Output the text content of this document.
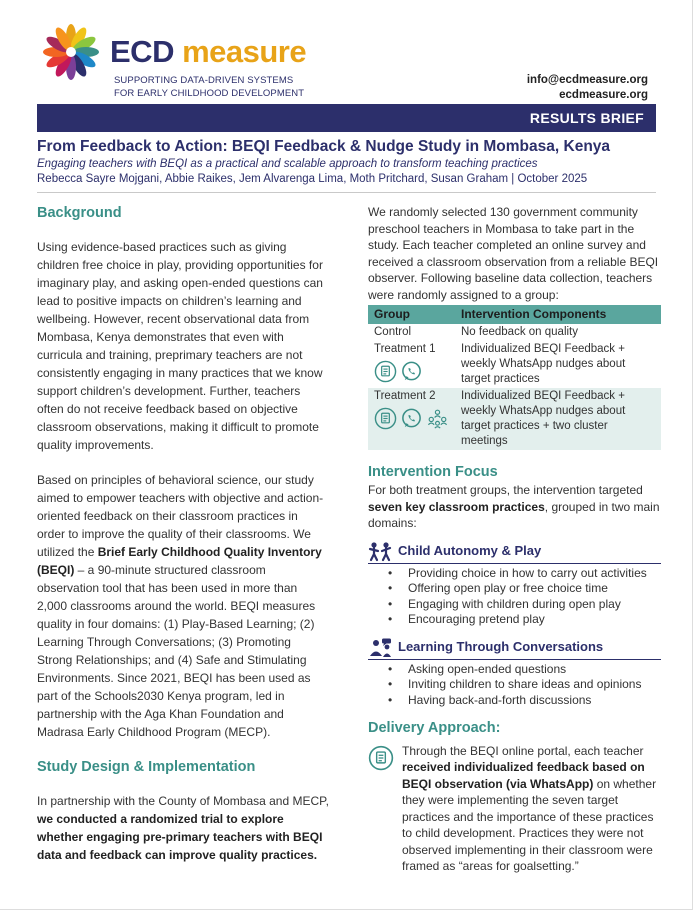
ECD measure
SUPPORTING DATA-DRIVEN SYSTEMS
FOR EARLY CHILDHOOD DEVELOPMENT
info@ecdmeasure.org
ecdmeasure.org
RESULTS BRIEF
From Feedback to Action: BEQI Feedback & Nudge Study in Mombasa, Kenya
Engaging teachers with BEQI as a practical and scalable approach to transform teaching practices
Rebecca Sayre Mojgani, Abbie Raikes, Jem Alvarenga Lima, Moth Pritchard, Susan Graham | October 2025
Background

Using evidence-based practices such as giving children free choice in play, providing opportunities for imaginary play, and asking open-ended questions can lead to positive impacts on children’s learning and wellbeing. However, recent observational data from Mombasa, Kenya demonstrates that even with curricula and training, preprimary teachers are not consistently engaging in many practices that we know support children’s development. Further, teachers often do not receive feedback based on objective classroom observations, making it difficult to promote quality improvements.

Based on principles of behavioral science, our study aimed to empower teachers with objective and action-oriented feedback on their classroom practices in order to improve the quality of their classrooms. We utilized the Brief Early Childhood Quality Inventory (BEQI) – a 90-minute structured classroom observation tool that has been used in more than 2,000 classrooms around the world. BEQI measures quality in four domains: (1) Play-Based Learning; (2) Learning Through Conversations; (3) Promoting Strong Relationships; and (4) Safe and Stimulating Environments. Since 2021, BEQI has been used as part of the Schools2030 Kenya program, led in partnership with the Aga Khan Foundation and Madrasa Early Childhood Program (MECP).

Study Design & Implementation

In partnership with the County of Mombasa and MECP, we conducted a randomized trial to explore whether engaging pre-primary teachers with BEQI data and feedback can improve quality practices.

We randomly selected 130 government community preschool teachers in Mombasa to take part in the study. Each teacher completed an online survey and received a classroom observation from a reliable BEQI observer. Following baseline data collection, teachers were randomly assigned to a group:

Group	Intervention Components
Control	No feedback on quality

Treatment 1	Individualized BEQI Feedback + weekly WhatsApp nudges about target practices

Treatment 2	Individualized BEQI Feedback + weekly WhatsApp nudges about target practices + two cluster meetings
Intervention Focus

For both treatment groups, the intervention targeted seven key classroom practices, grouped in two main domains:

Child Autonomy & Play
• Providing choice in how to carry out activities
• Offering open play or free choice time
• Engaging with children during open play
• Encouraging pretend play
Learning Through Conversations
• Asking open-ended questions
• Inviting children to share ideas and opinions
• Having back-and-forth discussions
Delivery Approach:

Through the BEQI online portal, each teacher received individualized feedback based on BEQI observation (via WhatsApp) on whether they were implementing the seven target practices and the importance of these practices to child development. Practices they were not observed implementing in their classroom were framed as “areas for goalsetting.”
